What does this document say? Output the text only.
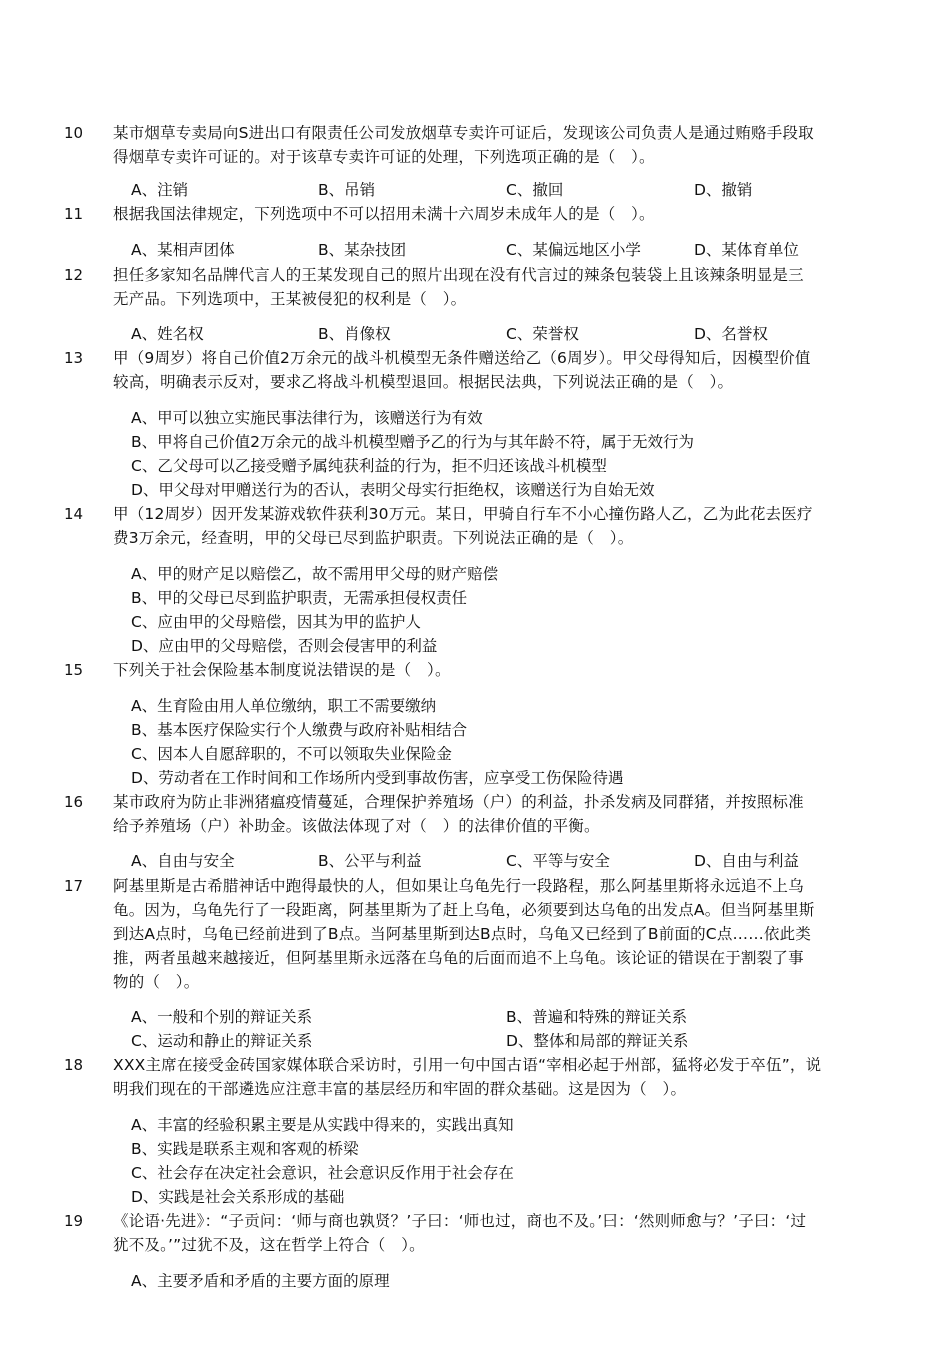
10	某市烟草专卖局向S进出口有限责任公司发放烟草专卖许可证后，发现该公司负责人是通过贿赂手段取
得烟草专卖许可证的。对于该草专卖许可证的处理，下列选项正确的是（　）。
A、注销	B、吊销	C、撤回	D、撤销
11	根据我国法律规定，下列选项中不可以招用未满十六周岁未成年人的是（　）。
A、某相声团体	B、某杂技团	C、某偏远地区小学	D、某体育单位
12	担任多家知名品牌代言人的王某发现自己的照片出现在没有代言过的辣条包装袋上且该辣条明显是三
无产品。下列选项中，王某被侵犯的权利是（　）。
A、姓名权	B、肖像权	C、荣誉权	D、名誉权
13	甲（9周岁）将自己价值2万余元的战斗机模型无条件赠送给乙（6周岁）。甲父母得知后，因模型价值
较高，明确表示反对，要求乙将战斗机模型退回。根据民法典，下列说法正确的是（　）。
A、甲可以独立实施民事法律行为，该赠送行为有效
B、甲将自己价值2万余元的战斗机模型赠予乙的行为与其年龄不符，属于无效行为
C、乙父母可以乙接受赠予属纯获利益的行为，拒不归还该战斗机模型
D、甲父母对甲赠送行为的否认，表明父母实行拒绝权，该赠送行为自始无效
14	甲（12周岁）因开发某游戏软件获利30万元。某日，甲骑自行车不小心撞伤路人乙，乙为此花去医疗
费3万余元，经查明，甲的父母已尽到监护职责。下列说法正确的是（　）。
A、甲的财产足以赔偿乙，故不需用甲父母的财产赔偿
B、甲的父母已尽到监护职责，无需承担侵权责任
C、应由甲的父母赔偿，因其为甲的监护人
D、应由甲的父母赔偿，否则会侵害甲的利益
15	下列关于社会保险基本制度说法错误的是（　）。
A、生育险由用人单位缴纳，职工不需要缴纳
B、基本医疗保险实行个人缴费与政府补贴相结合
C、因本人自愿辞职的，不可以领取失业保险金
D、劳动者在工作时间和工作场所内受到事故伤害，应享受工伤保险待遇
16	某市政府为防止非洲猪瘟疫情蔓延，合理保护养殖场（户）的利益，扑杀发病及同群猪，并按照标准
给予养殖场（户）补助金。该做法体现了对（　）的法律价值的平衡。
A、自由与安全	B、公平与利益	C、平等与安全	D、自由与利益
17	阿基里斯是古希腊神话中跑得最快的人，但如果让乌龟先行一段路程，那么阿基里斯将永远追不上乌
龟。因为，乌龟先行了一段距离，阿基里斯为了赶上乌龟，必须要到达乌龟的出发点A。但当阿基里斯
到达A点时，乌龟已经前进到了B点。当阿基里斯到达B点时，乌龟又已经到了B前面的C点……依此类
推，两者虽越来越接近，但阿基里斯永远落在乌龟的后面而追不上乌龟。该论证的错误在于割裂了事
物的（　）。
A、一般和个别的辩证关系	B、普遍和特殊的辩证关系
C、运动和静止的辩证关系	D、整体和局部的辩证关系
18	XXX主席在接受金砖国家媒体联合采访时，引用一句中国古语“宰相必起于州部，猛将必发于卒伍”，说
明我们现在的干部遴选应注意丰富的基层经历和牢固的群众基础。这是因为（　）。
A、丰富的经验积累主要是从实践中得来的，实践出真知
B、实践是联系主观和客观的桥梁
C、社会存在决定社会意识，社会意识反作用于社会存在
D、实践是社会关系形成的基础
19	《论语·先进》：“子贡问：‘师与商也孰贤？’子曰：‘师也过，商也不及。’曰：‘然则师愈与？’子曰：‘过
犹不及。’”过犹不及，这在哲学上符合（　）。
A、主要矛盾和矛盾的主要方面的原理
